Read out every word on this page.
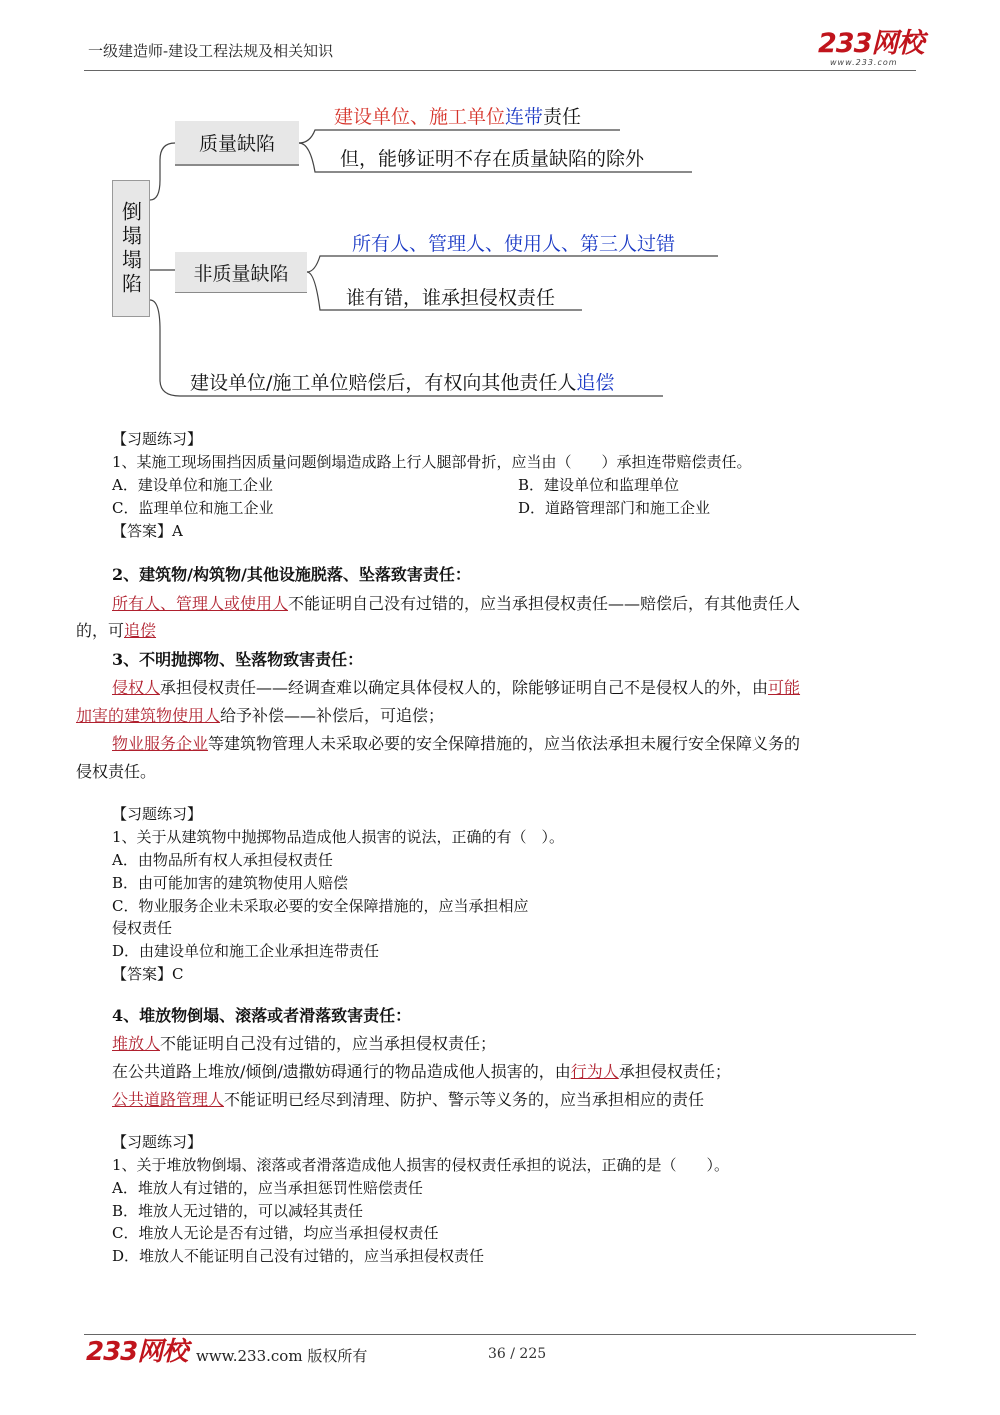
一级建造师-建设工程法规及相关知识	233网校
www.233.com
倒塌塌陷
质量缺陷
非质量缺陷
建设单位、施工单位连带责任
但，能够证明不存在质量缺陷的除外
所有人、管理人、使用人、第三人过错
谁有错，谁承担侵权责任
建设单位/施工单位赔偿后，有权向其他责任人追偿
【习题练习】
1、某施工现场围挡因质量问题倒塌造成路上行人腿部骨折，应当由（　　）承担连带赔偿责任。
A．建设单位和施工企业	B．建设单位和监理单位
C．监理单位和施工企业	D．道路管理部门和施工企业
【答案】A
2、建筑物/构筑物/其他设施脱落、坠落致害责任：
所有人、管理人或使用人不能证明自己没有过错的，应当承担侵权责任——赔偿后，有其他责任人
的，可追偿
3、不明抛掷物、坠落物致害责任：
侵权人承担侵权责任——经调查难以确定具体侵权人的，除能够证明自己不是侵权人的外，由可能
加害的建筑物使用人给予补偿——补偿后，可追偿；
物业服务企业等建筑物管理人未采取必要的安全保障措施的，应当依法承担未履行安全保障义务的
侵权责任。
【习题练习】
1、关于从建筑物中抛掷物品造成他人损害的说法，正确的有（　）。
A．由物品所有权人承担侵权责任
B．由可能加害的建筑物使用人赔偿
C．物业服务企业未采取必要的安全保障措施的，应当承担相应
侵权责任
D．由建设单位和施工企业承担连带责任
【答案】C
4、堆放物倒塌、滚落或者滑落致害责任：
堆放人不能证明自己没有过错的，应当承担侵权责任；
在公共道路上堆放/倾倒/遗撒妨碍通行的物品造成他人损害的，由行为人承担侵权责任；
公共道路管理人不能证明已经尽到清理、防护、警示等义务的，应当承担相应的责任
【习题练习】
1、关于堆放物倒塌、滚落或者滑落造成他人损害的侵权责任承担的说法，正确的是（　　）。
A．堆放人有过错的，应当承担惩罚性赔偿责任
B．堆放人无过错的，可以减轻其责任
C．堆放人无论是否有过错，均应当承担侵权责任
D．堆放人不能证明自己没有过错的，应当承担侵权责任
233网校 www.233.com 版权所有	36 / 225
